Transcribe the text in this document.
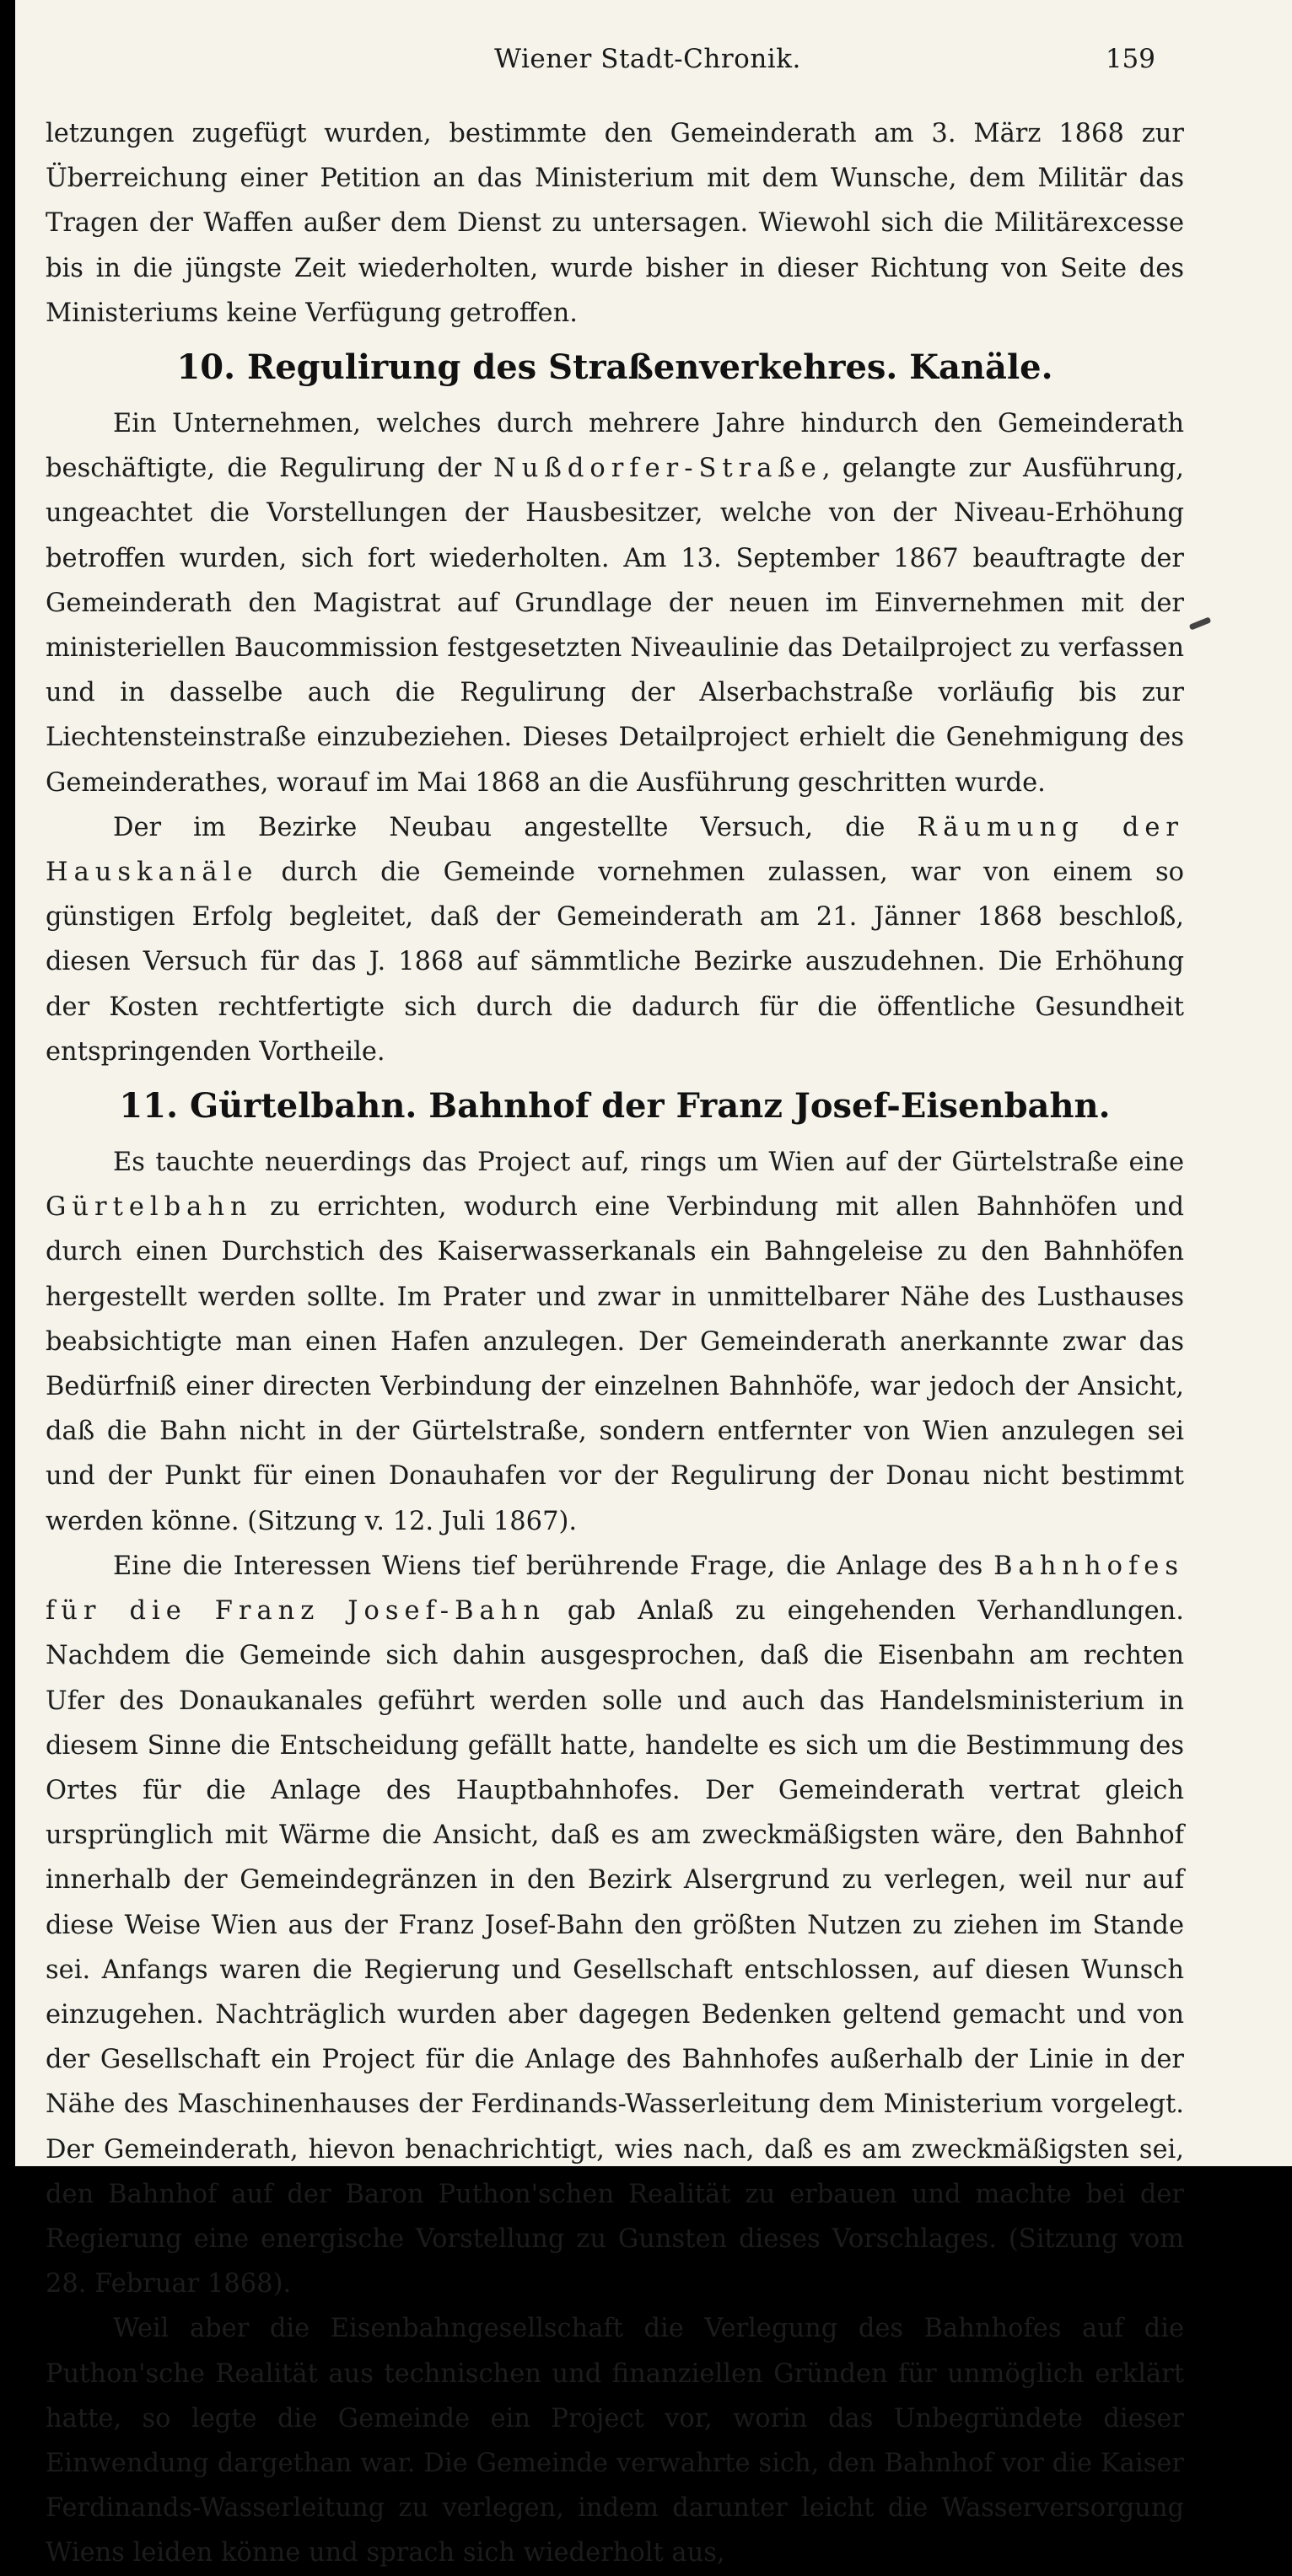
Wiener Stadt-Chronik.	159

letzungen zugefügt wurden, bestimmte den Gemeinderath am 3. März 1868 zur Überreichung einer Petition an das Ministerium mit dem Wunsche, dem Militär das Tragen der Waffen außer dem Dienst zu untersagen. Wiewohl sich die Militärexcesse bis in die jüngste Zeit wiederholten, wurde bisher in dieser Richtung von Seite des Ministeriums keine Verfügung getroffen.

10. Regulirung des Straßenverkehres. Kanäle.

Ein Unternehmen, welches durch mehrere Jahre hindurch den Gemeinderath beschäftigte, die Regulirung der Nußdorfer-Straße, gelangte zur Ausführung, ungeachtet die Vorstellungen der Hausbesitzer, welche von der Niveau-Erhöhung betroffen wurden, sich fort wiederholten. Am 13. September 1867 beauftragte der Gemeinderath den Magistrat auf Grundlage der neuen im Einvernehmen mit der ministeriellen Baucommission festgesetzten Niveaulinie das Detailproject zu verfassen und in dasselbe auch die Regulirung der Alserbachstraße vorläufig bis zur Liechtensteinstraße einzubeziehen. Dieses Detailproject erhielt die Genehmigung des Gemeinderathes, worauf im Mai 1868 an die Ausführung geschritten wurde.

Der im Bezirke Neubau angestellte Versuch, die Räumung der Hauskanäle durch die Gemeinde vornehmen zulassen, war von einem so günstigen Erfolg begleitet, daß der Gemeinderath am 21. Jänner 1868 beschloß, diesen Versuch für das J. 1868 auf sämmtliche Bezirke auszudehnen. Die Erhöhung der Kosten rechtfertigte sich durch die dadurch für die öffentliche Gesundheit entspringenden Vortheile.

11. Gürtelbahn. Bahnhof der Franz Josef-Eisenbahn.

Es tauchte neuerdings das Project auf, rings um Wien auf der Gürtelstraße eine Gürtelbahn zu errichten, wodurch eine Verbindung mit allen Bahnhöfen und durch einen Durchstich des Kaiserwasserkanals ein Bahngeleise zu den Bahnhöfen hergestellt werden sollte. Im Prater und zwar in unmittelbarer Nähe des Lusthauses beabsichtigte man einen Hafen anzulegen. Der Gemeinderath anerkannte zwar das Bedürfniß einer directen Verbindung der einzelnen Bahnhöfe, war jedoch der Ansicht, daß die Bahn nicht in der Gürtelstraße, sondern entfernter von Wien anzulegen sei und der Punkt für einen Donauhafen vor der Regulirung der Donau nicht bestimmt werden könne. (Sitzung v. 12. Juli 1867).

Eine die Interessen Wiens tief berührende Frage, die Anlage des Bahnhofes für die Franz Josef-Bahn gab Anlaß zu eingehenden Verhandlungen. Nachdem die Gemeinde sich dahin ausgesprochen, daß die Eisenbahn am rechten Ufer des Donaukanales geführt werden solle und auch das Handelsministerium in diesem Sinne die Entscheidung gefällt hatte, handelte es sich um die Bestimmung des Ortes für die Anlage des Hauptbahnhofes. Der Gemeinderath vertrat gleich ursprünglich mit Wärme die Ansicht, daß es am zweckmäßigsten wäre, den Bahnhof innerhalb der Gemeindegränzen in den Bezirk Alsergrund zu verlegen, weil nur auf diese Weise Wien aus der Franz Josef-Bahn den größten Nutzen zu ziehen im Stande sei. Anfangs waren die Regierung und Gesellschaft entschlossen, auf diesen Wunsch einzugehen. Nachträglich wurden aber dagegen Bedenken geltend gemacht und von der Gesellschaft ein Project für die Anlage des Bahnhofes außerhalb der Linie in der Nähe des Maschinenhauses der Ferdinands-Wasserleitung dem Ministerium vorgelegt. Der Gemeinderath, hievon benachrichtigt, wies nach, daß es am zweckmäßigsten sei, den Bahnhof auf der Baron Puthon'schen Realität zu erbauen und machte bei der Regierung eine energische Vorstellung zu Gunsten dieses Vorschlages. (Sitzung vom 28. Februar 1868).

Weil aber die Eisenbahngesellschaft die Verlegung des Bahnhofes auf die Puthon'sche Realität aus technischen und finanziellen Gründen für unmöglich erklärt hatte, so legte die Gemeinde ein Project vor, worin das Unbegründete dieser Einwendung dargethan war. Die Gemeinde verwahrte sich, den Bahnhof vor die Kaiser Ferdinands-Wasserleitung zu verlegen, indem darunter leicht die Wasserversorgung Wiens leiden könne und sprach sich wiederholt aus,
